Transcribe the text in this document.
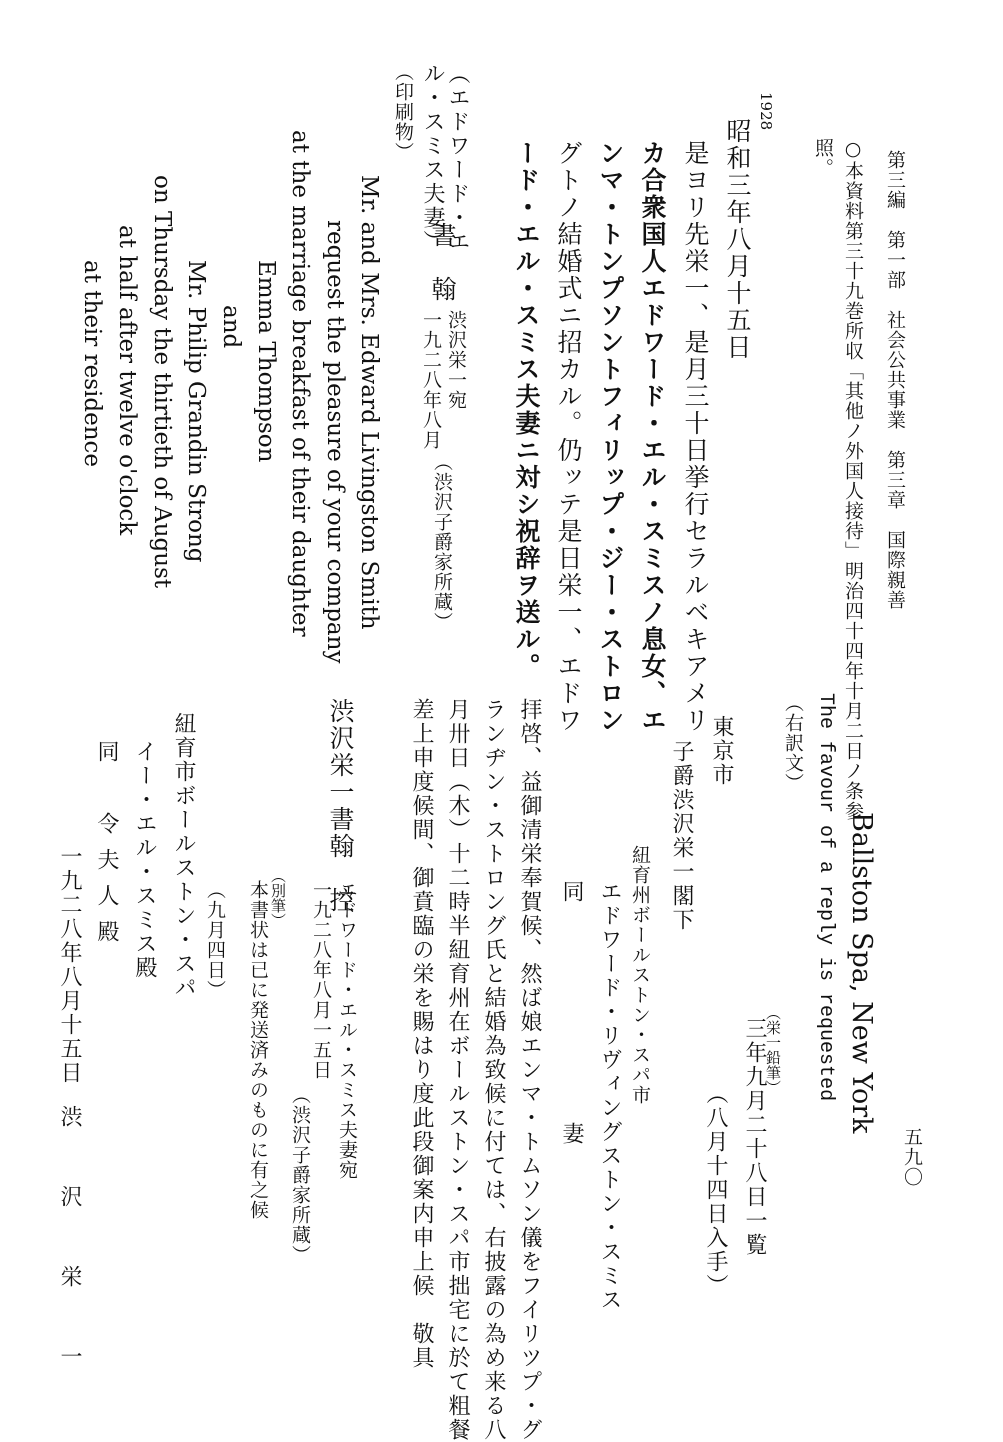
第三編　第一部　社会公共事業　第三章　国際親善
○本資料第三十九巻所収「其他ノ外国人接待」明治四十四年十月二日ノ条参
照。
1928
昭和三年八月十五日
是ヨリ先栄一、是月三十日挙行セラルベキアメリ
カ合衆国人エドワード・エル・スミスノ息女、エ
ンマ・トンプソントフィリップ・ジー・ストロン
グトノ結婚式ニ招カル。仍ッテ是日栄一、エドワ
ード・エル・スミス夫妻ニ対シ祝辞ヲ送ル。
（エドワード・エ
ル・スミス夫妻）
書　翰
渋沢栄一宛
一九二八年八月
（渋沢子爵家所蔵）
（印刷物）
Mr. and Mrs. Edward Livingston Smith
request the pleasure of your company
at the marriage breakfast of their daughter
Emma Thompson
and
Mr. Philip Grandin Strong
on Thursday the thirtieth of August
at half after twelve o'clock
at their residence
五九〇
Ballston Spa, New York
The favour of a reply is requested
（右訳文）
（栄一鉛筆）
三年九月二十八日一覧
（八月十四日入手）
東京市
子爵渋沢栄一閣下
紐育州ボールストン・スパ市
エドワード・リヴィングストン・スミス
同
妻
拝啓、益御清栄奉賀候、然ば娘エンマ・トムソン儀をフイリツプ・グ
ランヂン・ストロング氏と結婚為致候に付ては、右披露の為め来る八
月卅日（木）十二時半紐育州在ボールストン・スパ市拙宅に於て粗餐
差上申度候間、御賁臨の栄を賜はり度此段御案内申上候　敬具
渋沢栄一書翰　控
エドワード・エル・スミス夫妻宛
一九二八年八月一五日
（渋沢子爵家所蔵）
（別筆）
本書状は已に発送済みのものに有之候
（九月四日）
紐育市ボールストン・スパ
イー・エル・スミス殿
同　令夫人殿
一九二八年八月十五日
渋　沢　栄　一
